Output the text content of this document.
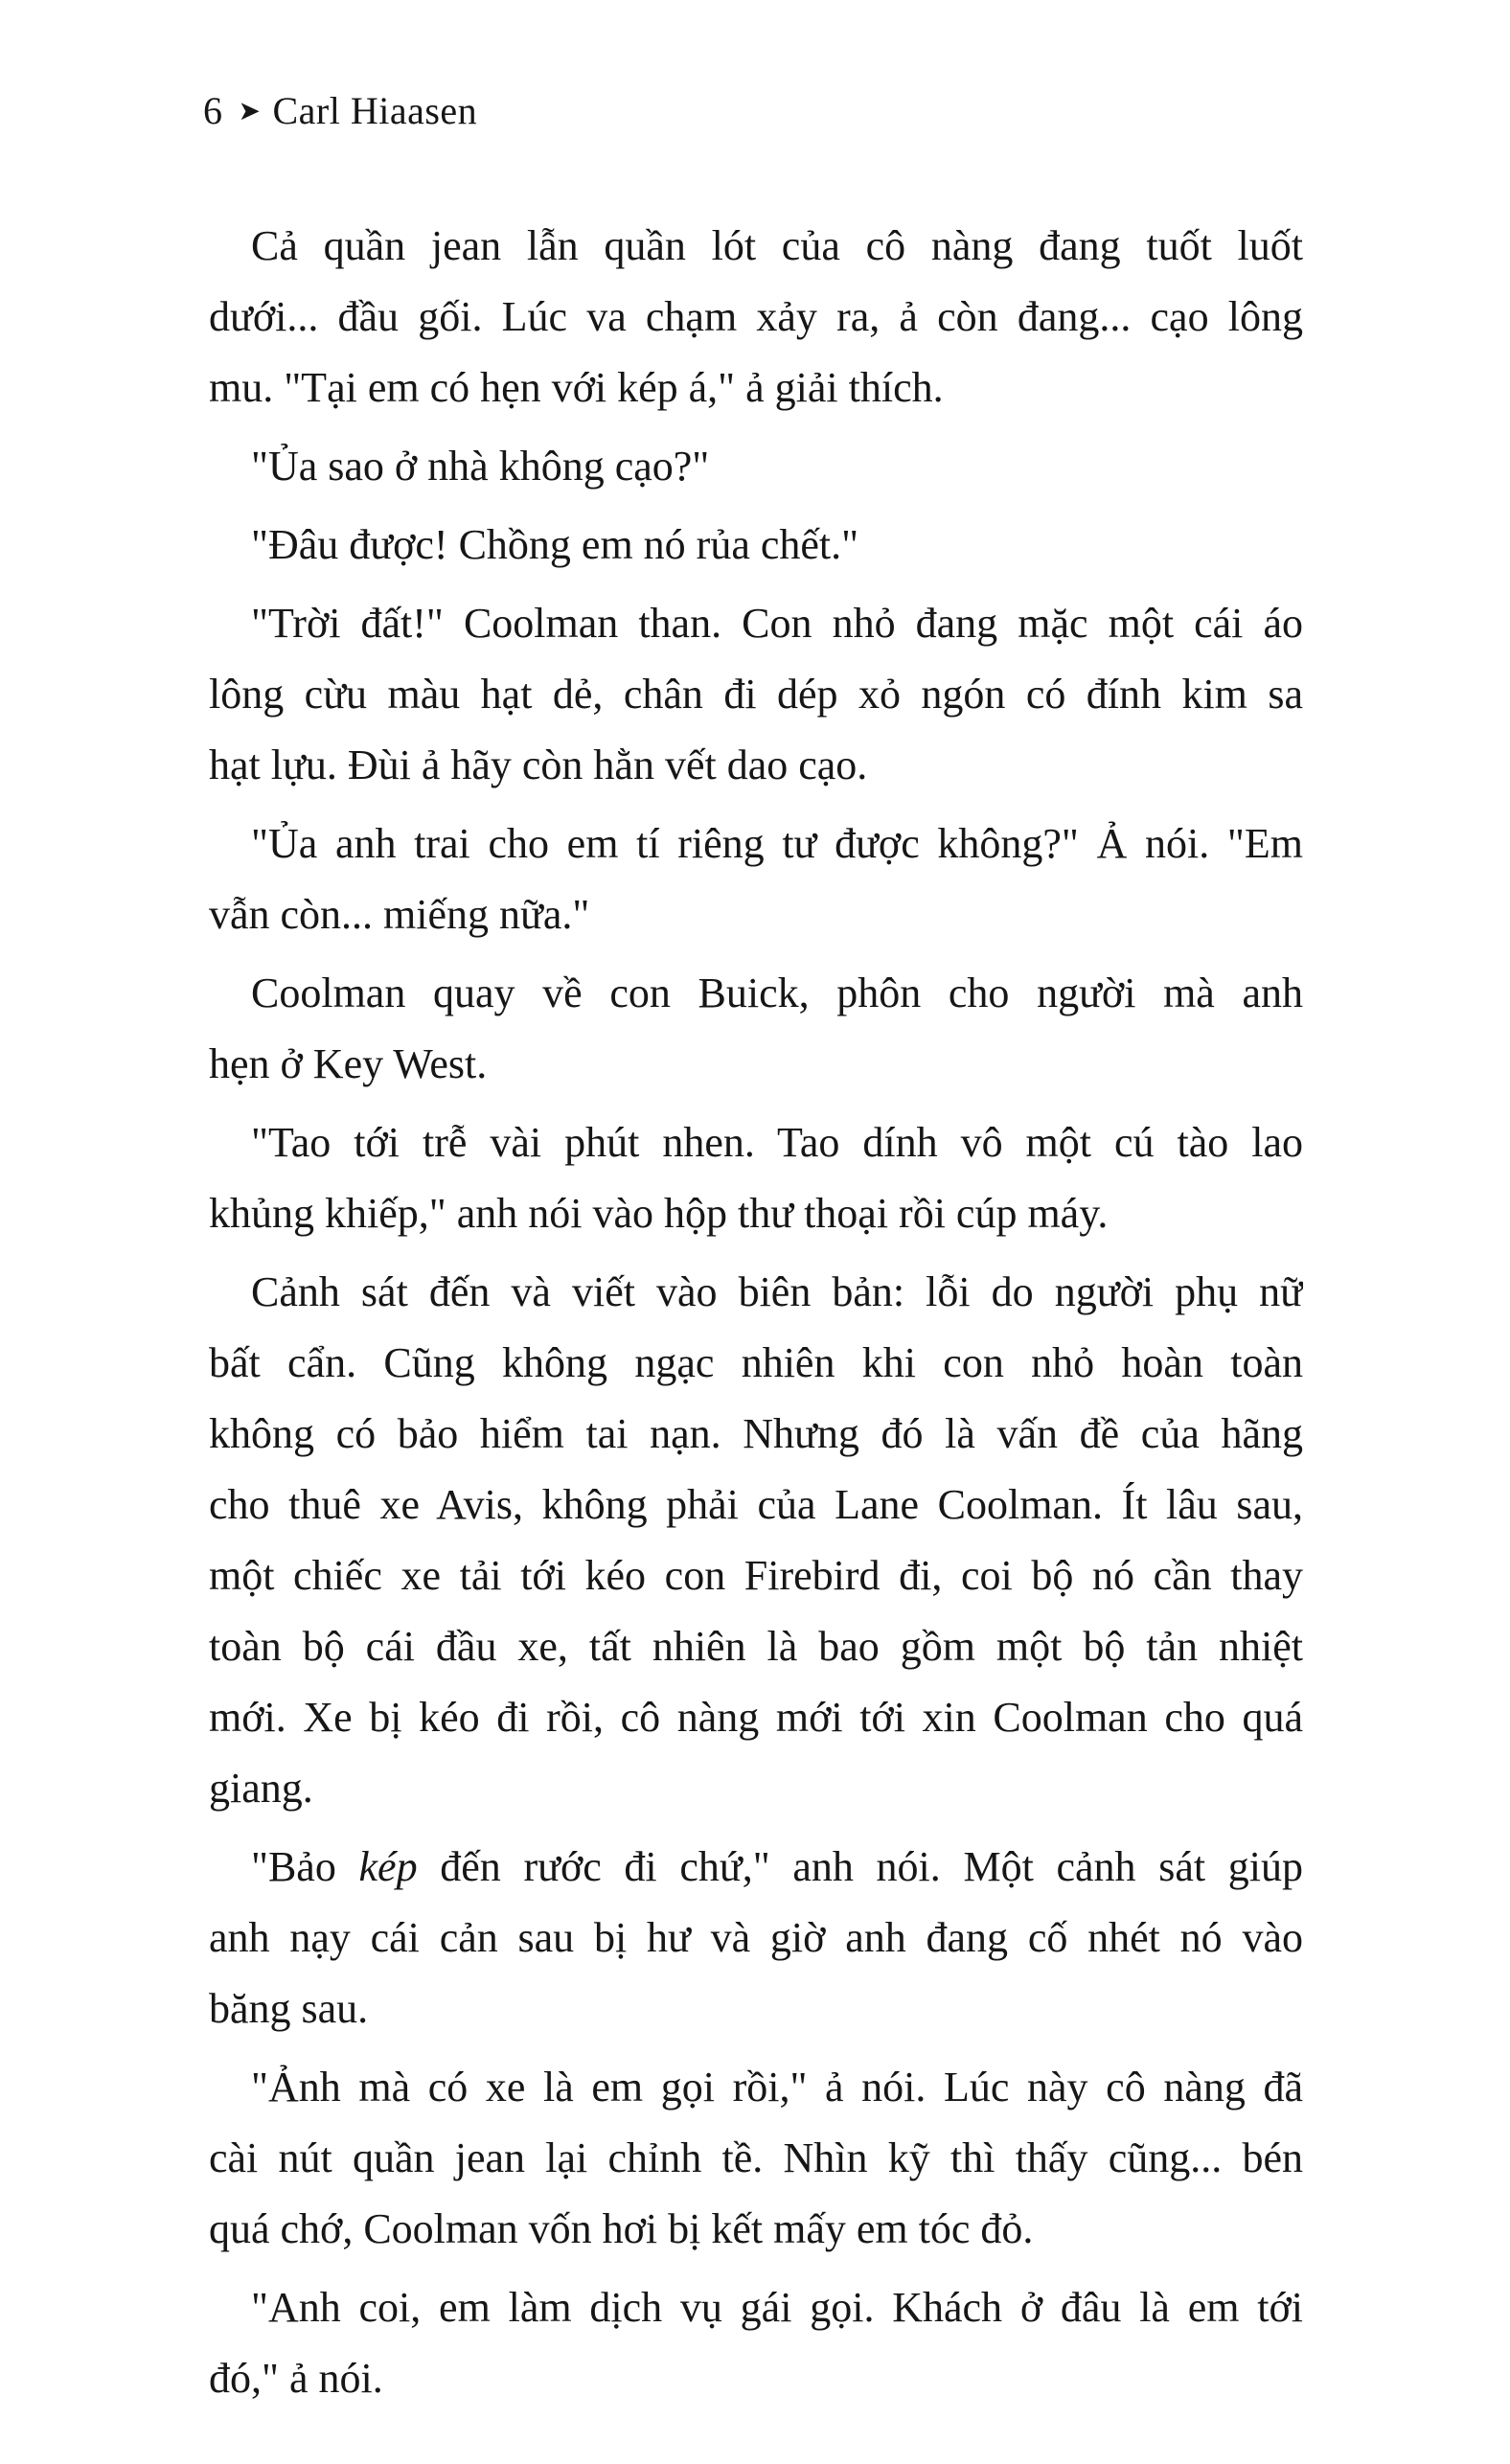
6 ➤ Carl Hiaasen
Cả quần jean lẫn quần lót của cô nàng đang tuốt luốt
dưới... đầu gối. Lúc va chạm xảy ra, ả còn đang... cạo lông
mu. "Tại em có hẹn với kép á," ả giải thích.
"Ủa sao ở nhà không cạo?"
"Đâu được! Chồng em nó rủa chết."
"Trời đất!" Coolman than. Con nhỏ đang mặc một cái áo
lông cừu màu hạt dẻ, chân đi dép xỏ ngón có đính kim sa
hạt lựu. Đùi ả hãy còn hằn vết dao cạo.
"Ủa anh trai cho em tí riêng tư được không?" Ả nói. "Em
vẫn còn... miếng nữa."
Coolman quay về con Buick, phôn cho người mà anh
hẹn ở Key West.
"Tao tới trễ vài phút nhen. Tao dính vô một cú tào lao
khủng khiếp," anh nói vào hộp thư thoại rồi cúp máy.
Cảnh sát đến và viết vào biên bản: lỗi do người phụ nữ
bất cẩn. Cũng không ngạc nhiên khi con nhỏ hoàn toàn
không có bảo hiểm tai nạn. Nhưng đó là vấn đề của hãng
cho thuê xe Avis, không phải của Lane Coolman. Ít lâu sau,
một chiếc xe tải tới kéo con Firebird đi, coi bộ nó cần thay
toàn bộ cái đầu xe, tất nhiên là bao gồm một bộ tản nhiệt
mới. Xe bị kéo đi rồi, cô nàng mới tới xin Coolman cho quá
giang.
"Bảo kép đến rước đi chứ," anh nói. Một cảnh sát giúp
anh nạy cái cản sau bị hư và giờ anh đang cố nhét nó vào
băng sau.
"Ảnh mà có xe là em gọi rồi," ả nói. Lúc này cô nàng đã
cài nút quần jean lại chỉnh tề. Nhìn kỹ thì thấy cũng... bén
quá chớ, Coolman vốn hơi bị kết mấy em tóc đỏ.
"Anh coi, em làm dịch vụ gái gọi. Khách ở đâu là em tới
đó," ả nói.
